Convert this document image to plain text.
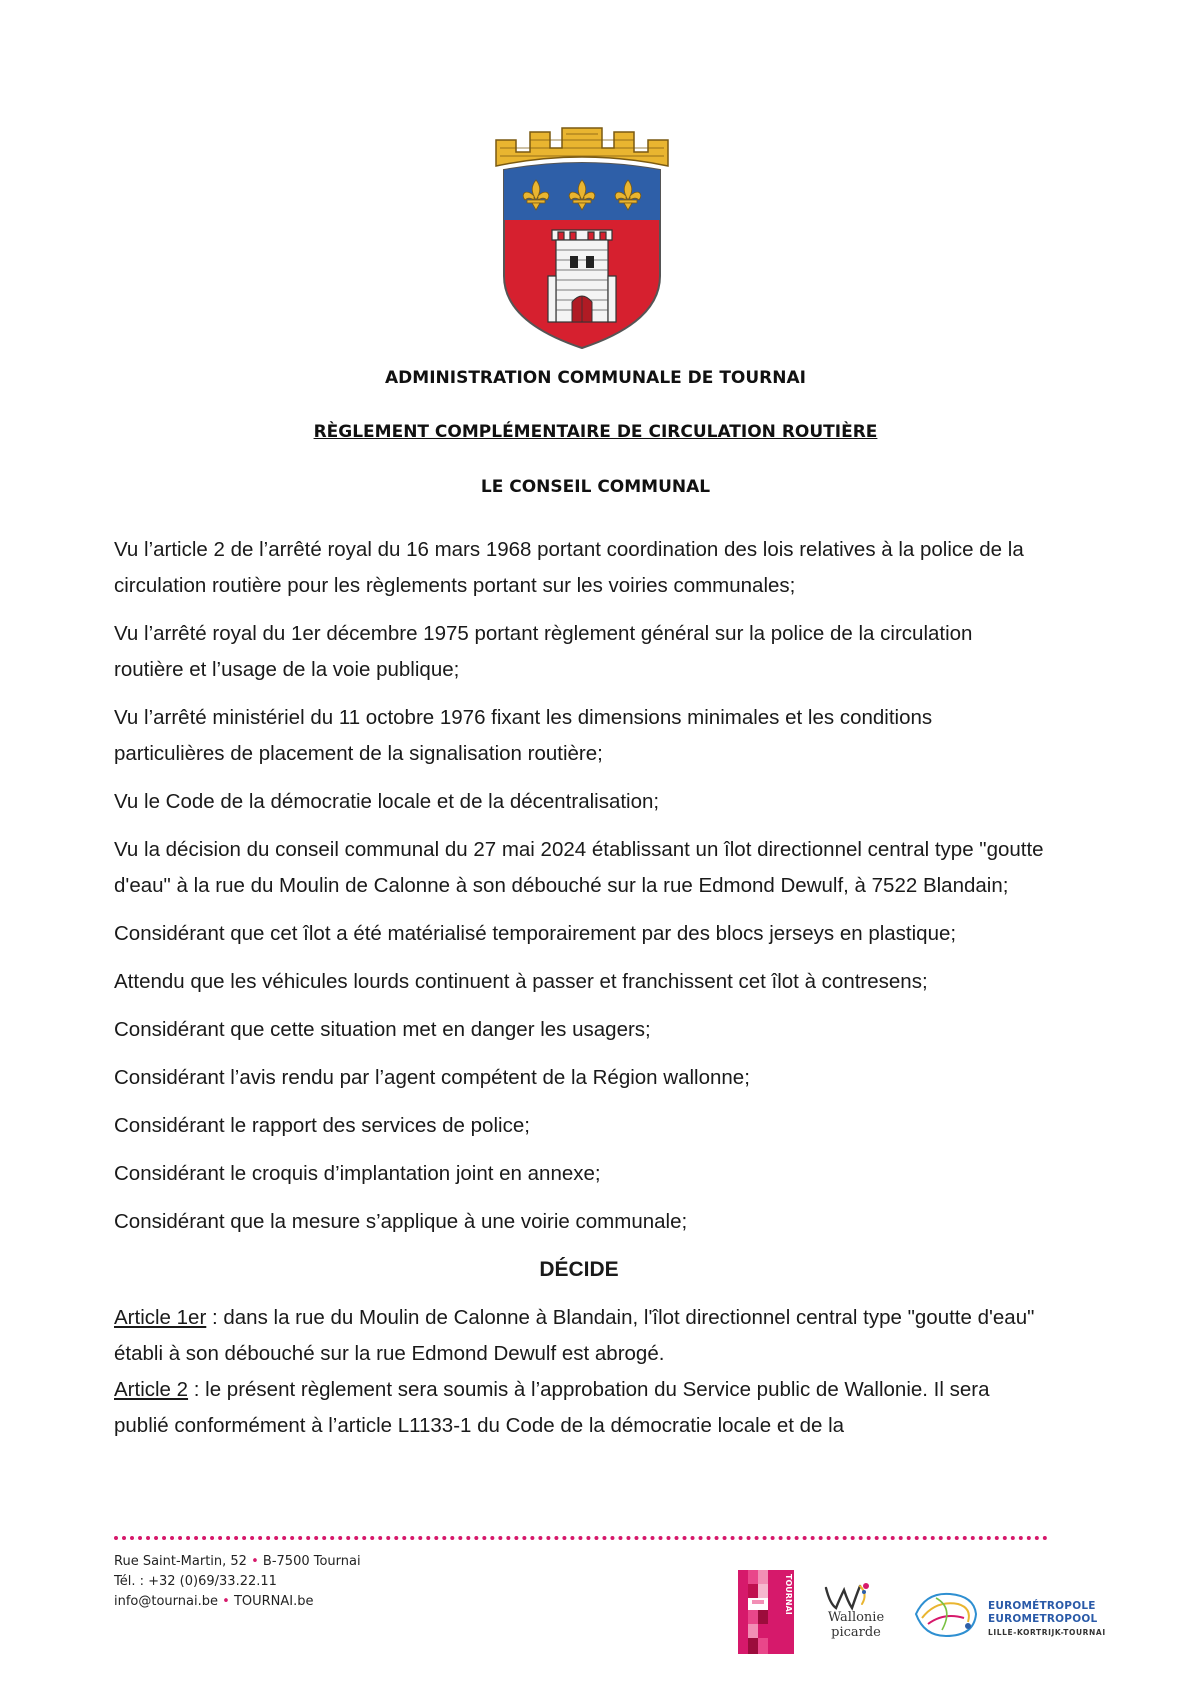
ADMINISTRATION COMMUNALE DE TOURNAI
RÈGLEMENT COMPLÉMENTAIRE DE CIRCULATION ROUTIÈRE
LE CONSEIL COMMUNAL

Vu l’article 2 de l’arrêté royal du 16 mars 1968 portant coordination des lois relatives à la police de la circulation routière pour les règlements portant sur les voiries communales;

Vu l’arrêté royal du 1er décembre 1975 portant règlement général sur la police de la circulation routière et l’usage de la voie publique;

Vu l’arrêté ministériel du 11 octobre 1976 fixant les dimensions minimales et les conditions particulières de placement de la signalisation routière;

Vu le Code de la démocratie locale et de la décentralisation;

Vu la décision du conseil communal du 27 mai 2024 établissant un îlot directionnel central type "goutte d'eau" à la rue du Moulin de Calonne à son débouché sur la rue Edmond Dewulf, à 7522 Blandain;

Considérant que cet îlot a été matérialisé temporairement par des blocs jerseys en plastique;

Attendu que les véhicules lourds continuent à passer et franchissent cet îlot à contresens;

Considérant que cette situation met en danger les usagers;

Considérant l’avis rendu par l’agent compétent de la Région wallonne;

Considérant le rapport des services de police;

Considérant le croquis d’implantation joint en annexe;

Considérant que la mesure s’applique à une voirie communale;

DÉCIDE

Article 1er : dans la rue du Moulin de Calonne à Blandain, l'îlot directionnel central type "goutte d'eau" établi à son débouché sur la rue Edmond Dewulf est abrogé.

Article 2 : le présent règlement sera soumis à l’approbation du Service public de Wallonie. Il sera publié conformément à l’article L1133-1 du Code de la démocratie locale et de la

Rue Saint-Martin, 52 • B-7500 Tournai
Tél. : +32 (0)69/33.22.11
info@tournai.be • TOURNAI.be	TOURNAI
Wallonie
picarde
EUROMÉTROPOLE
EUROMETROPOOL
LILLE-KORTRIJK-TOURNAI
